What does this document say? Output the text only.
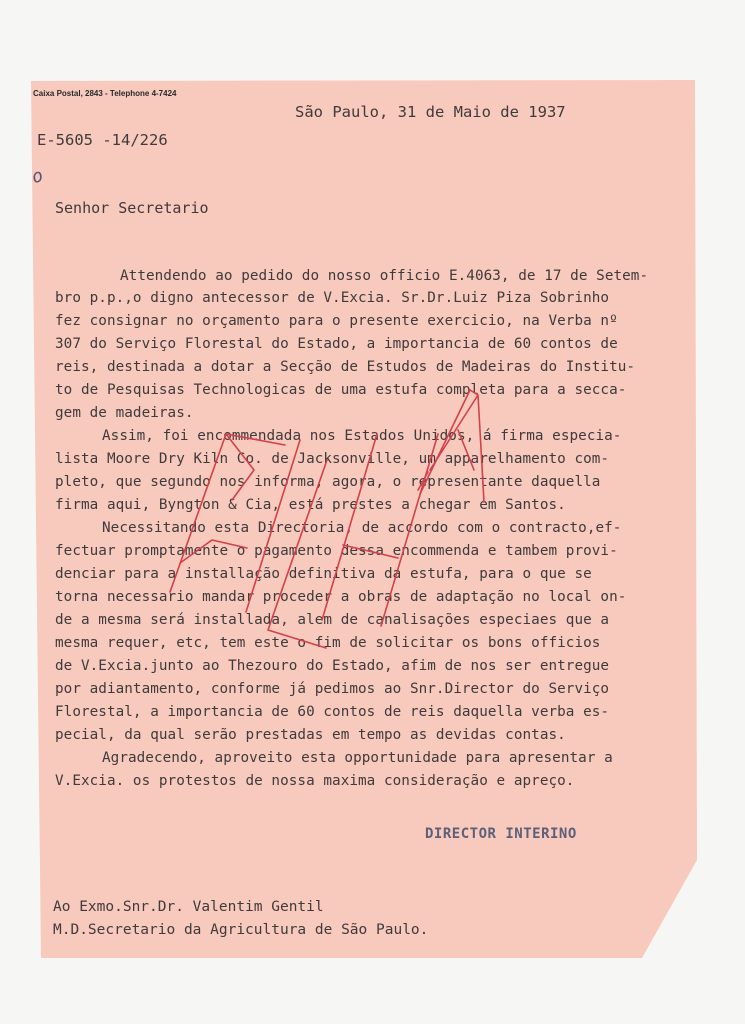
Caixa Postal, 2843 - Telephone 4-7424
São Paulo, 31 de Maio de 1937
E-5605 -14/226
o
Senhor Secretario
Attendendo ao pedido do nosso officio E.4063, de 17 de Setem-
bro p.p.,o digno antecessor de V.Excia. Sr.Dr.Luiz Piza Sobrinho
fez consignar no orçamento para o presente exercicio, na Verba nº
307 do Serviço Florestal do Estado, a importancia de 60 contos de
reis, destinada a dotar a Secção de Estudos de Madeiras do Institu-
to de Pesquisas Technologicas de uma estufa completa para a secca-
gem de madeiras.
Assim, foi encommendada nos Estados Unidos, á firma especia-
lista Moore Dry Kiln Co. de Jacksonville, um apparelhamento com-
pleto, que segundo nos informa, agora, o representante daquella
firma aqui, Byngton & Cia, está prestes a chegar em Santos.
Necessitando esta Directoria, de accordo com o contracto,ef-
fectuar promptamente o pagamento dessa encommenda e tambem provi-
denciar para a installação definitiva da estufa, para o que se
torna necessario mandar proceder a obras de adaptação no local on-
de a mesma será installada, alem de canalisações especiaes que a
mesma requer, etc, tem este o fim de solicitar os bons officios
de V.Excia.junto ao Thezouro do Estado, afim de nos ser entregue
por adiantamento, conforme já pedimos ao Snr.Director do Serviço
Florestal, a importancia de 60 contos de reis daquella verba es-
pecial, da qual serão prestadas em tempo as devidas contas.
Agradecendo, aproveito esta opportunidade para apresentar a
V.Excia. os protestos de nossa maxima consideração e apreço.
DIRECTOR INTERINO
Ao Exmo.Snr.Dr. Valentim Gentil
M.D.Secretario da Agricultura de São Paulo.
